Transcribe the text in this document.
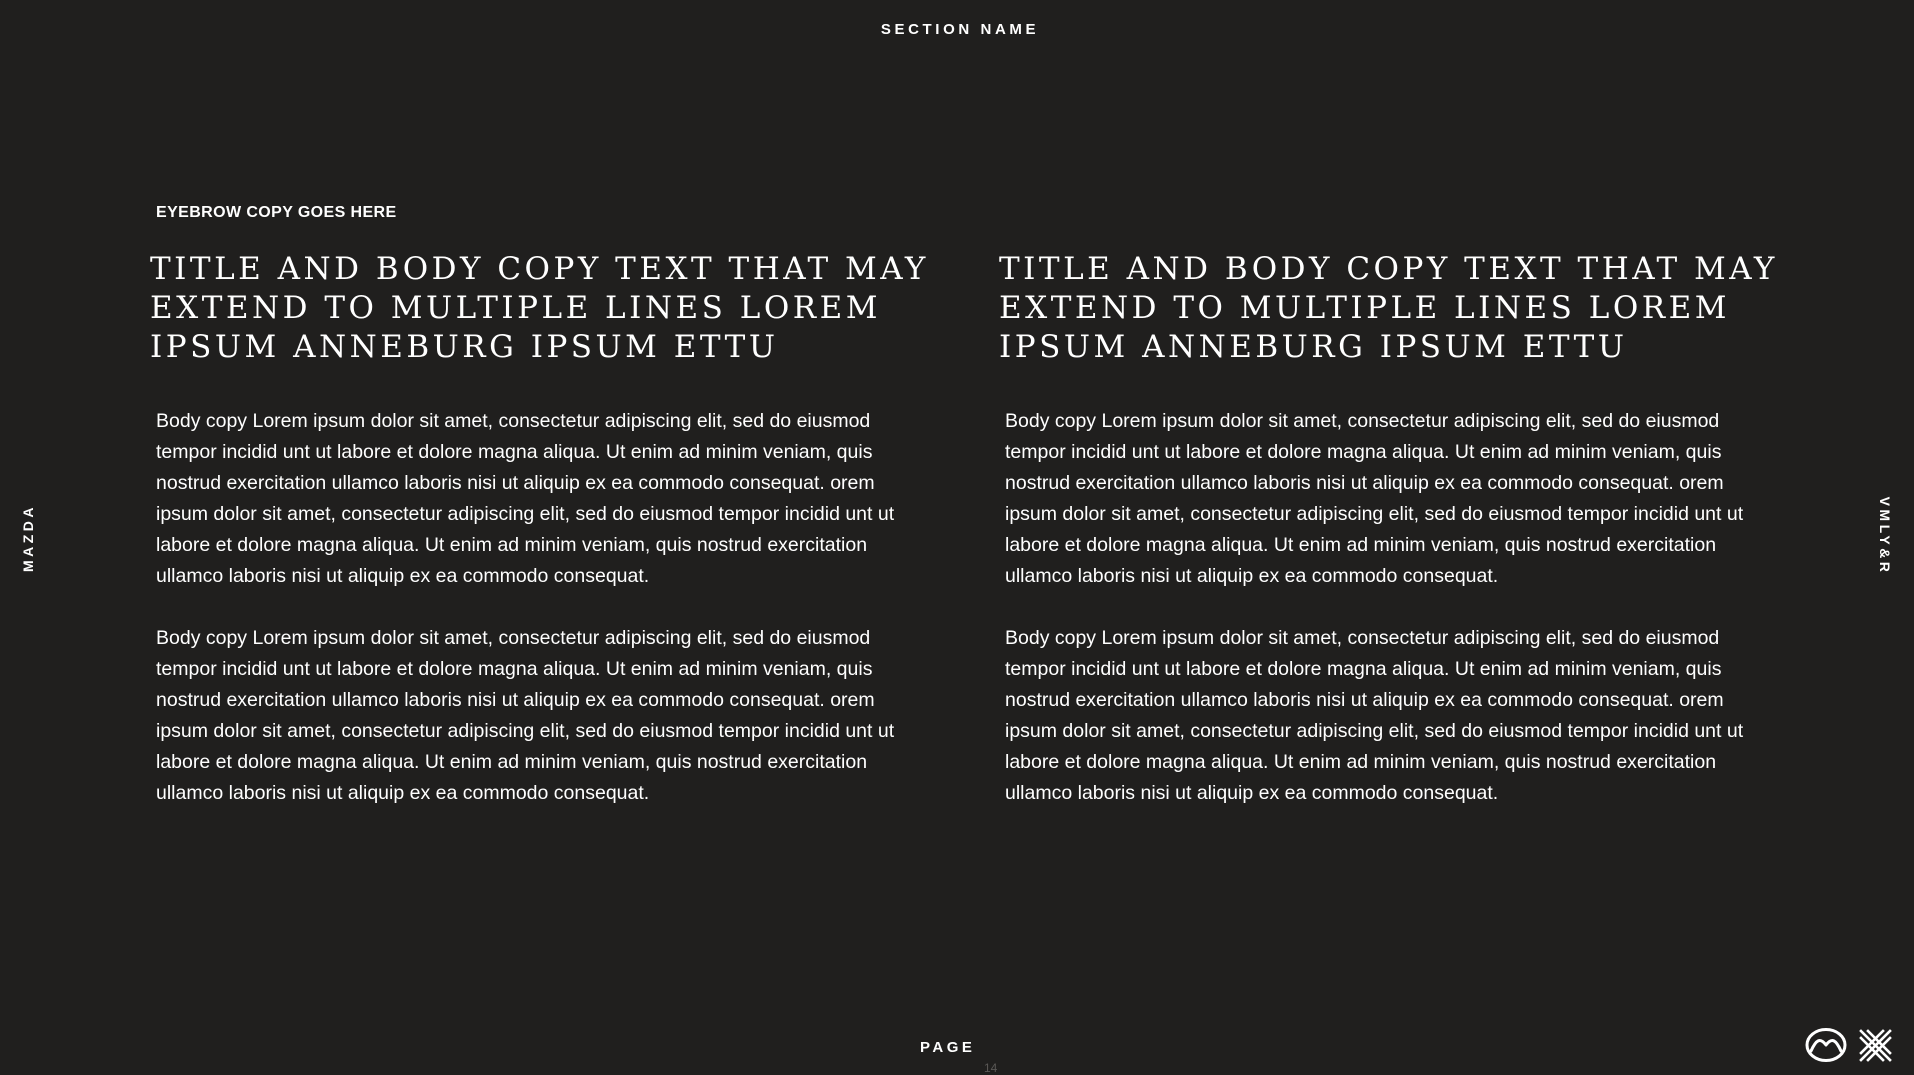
SECTION NAME
MAZDA	VMLY&R
EYEBROW COPY GOES HERE
TITLE AND BODY COPY TEXT THAT MAY EXTEND TO MULTIPLE LINES LOREM IPSUM ANNEBURG IPSUM ETTU

Body copy Lorem ipsum dolor sit amet, consectetur adipiscing elit, sed do eiusmod tempor incidid unt ut labore et dolore magna aliqua. Ut enim ad minim veniam, quis nostrud exercitation ullamco laboris nisi ut aliquip ex ea commodo consequat. orem ipsum dolor sit amet, consectetur adipiscing elit, sed do eiusmod tempor incidid unt ut labore et dolore magna aliqua. Ut enim ad minim veniam, quis nostrud exercitation ullamco laboris nisi ut aliquip ex ea commodo consequat.

Body copy Lorem ipsum dolor sit amet, consectetur adipiscing elit, sed do eiusmod tempor incidid unt ut labore et dolore magna aliqua. Ut enim ad minim veniam, quis nostrud exercitation ullamco laboris nisi ut aliquip ex ea commodo consequat. orem ipsum dolor sit amet, consectetur adipiscing elit, sed do eiusmod tempor incidid unt ut labore et dolore magna aliqua. Ut enim ad minim veniam, quis nostrud exercitation ullamco laboris nisi ut aliquip ex ea commodo consequat.

TITLE AND BODY COPY TEXT THAT MAY EXTEND TO MULTIPLE LINES LOREM IPSUM ANNEBURG IPSUM ETTU

Body copy Lorem ipsum dolor sit amet, consectetur adipiscing elit, sed do eiusmod tempor incidid unt ut labore et dolore magna aliqua. Ut enim ad minim veniam, quis nostrud exercitation ullamco laboris nisi ut aliquip ex ea commodo consequat. orem ipsum dolor sit amet, consectetur adipiscing elit, sed do eiusmod tempor incidid unt ut labore et dolore magna aliqua. Ut enim ad minim veniam, quis nostrud exercitation ullamco laboris nisi ut aliquip ex ea commodo consequat.

Body copy Lorem ipsum dolor sit amet, consectetur adipiscing elit, sed do eiusmod tempor incidid unt ut labore et dolore magna aliqua. Ut enim ad minim veniam, quis nostrud exercitation ullamco laboris nisi ut aliquip ex ea commodo consequat. orem ipsum dolor sit amet, consectetur adipiscing elit, sed do eiusmod tempor incidid unt ut labore et dolore magna aliqua. Ut enim ad minim veniam, quis nostrud exercitation ullamco laboris nisi ut aliquip ex ea commodo consequat.

PAGE
14
